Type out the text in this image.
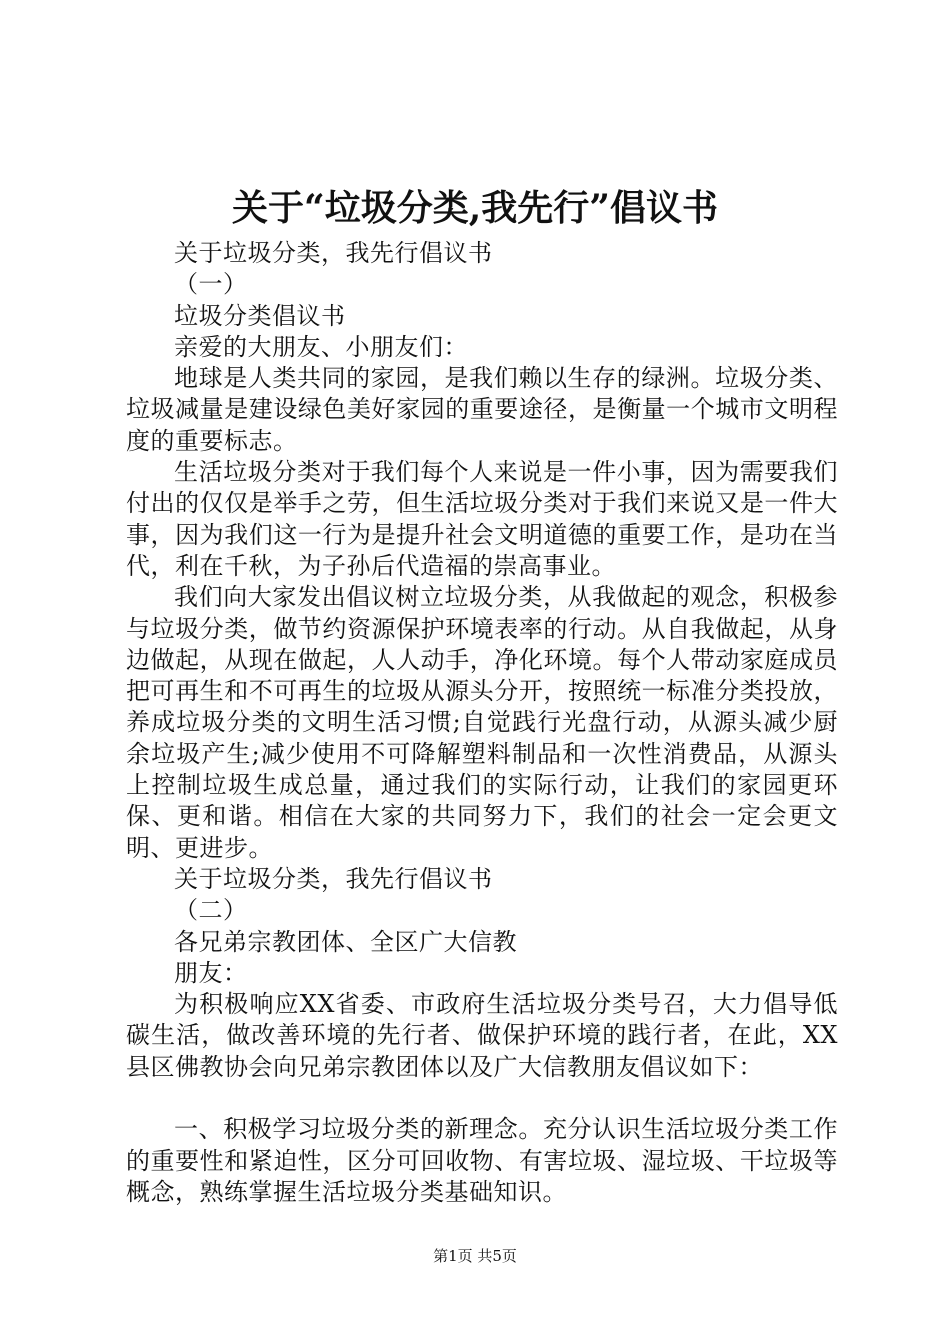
关于“垃圾分类,我先行”倡议书

关于垃圾分类，我先行倡议书

（一）

垃圾分类倡议书

亲爱的大朋友、小朋友们：

地球是人类共同的家园，是我们赖以生存的绿洲。垃圾分类、垃圾减量是建设绿色美好家园的重要途径，是衡量一个城市文明程度的重要标志。

生活垃圾分类对于我们每个人来说是一件小事，因为需要我们付出的仅仅是举手之劳，但生活垃圾分类对于我们来说又是一件大事，因为我们这一行为是提升社会文明道德的重要工作，是功在当代，利在千秋，为子孙后代造福的崇高事业。

我们向大家发出倡议树立垃圾分类，从我做起的观念，积极参与垃圾分类，做节约资源保护环境表率的行动。从自我做起，从身边做起，从现在做起，人人动手，净化环境。每个人带动家庭成员把可再生和不可再生的垃圾从源头分开，按照统一标准分类投放，养成垃圾分类的文明生活习惯;自觉践行光盘行动，从源头减少厨余垃圾产生;减少使用不可降解塑料制品和一次性消费品，从源头上控制垃圾生成总量，通过我们的实际行动，让我们的家园更环保、更和谐。相信在大家的共同努力下，我们的社会一定会更文明、更进步。

关于垃圾分类，我先行倡议书

（二）

各兄弟宗教团体、全区广大信教

朋友：

为积极响应XX省委、市政府生活垃圾分类号召，大力倡导低碳生活，做改善环境的先行者、做保护环境的践行者，在此，XX县区佛教协会向兄弟宗教团体以及广大信教朋友倡议如下：

一、积极学习垃圾分类的新理念。充分认识生活垃圾分类工作的重要性和紧迫性，区分可回收物、有害垃圾、湿垃圾、干垃圾等概念，熟练掌握生活垃圾分类基础知识。

第1页 共5页
